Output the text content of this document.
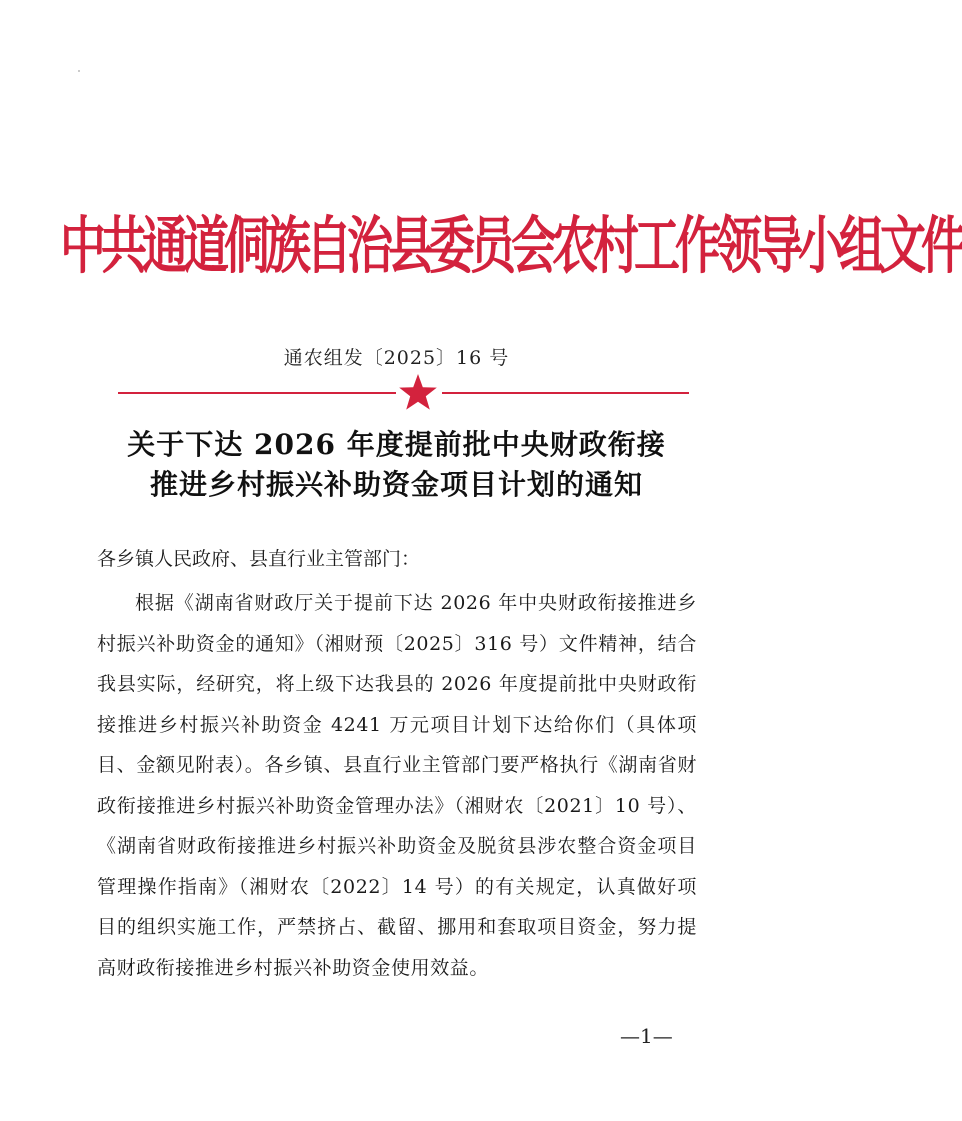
中共通道侗族自治县委员会农村工作领导小组文件
通农组发〔2025〕16 号
关于下达 2026 年度提前批中央财政衔接
推进乡村振兴补助资金项目计划的通知
各乡镇人民政府、县直行业主管部门：
根据《湖南省财政厅关于提前下达 2026 年中央财政衔接推进乡村振兴补助资金的通知》（湘财预〔2025〕316 号）文件精神，结合我县实际，经研究，将上级下达我县的 2026 年度提前批中央财政衔接推进乡村振兴补助资金 4241 万元项目计划下达给你们（具体项目、金额见附表）。各乡镇、县直行业主管部门要严格执行《湖南省财政衔接推进乡村振兴补助资金管理办法》（湘财农〔2021〕10 号）、《湖南省财政衔接推进乡村振兴补助资金及脱贫县涉农整合资金项目管理操作指南》（湘财农〔2022〕14 号）的有关规定，认真做好项目的组织实施工作，严禁挤占、截留、挪用和套取项目资金，努力提高财政衔接推进乡村振兴补助资金使用效益。
—1—
